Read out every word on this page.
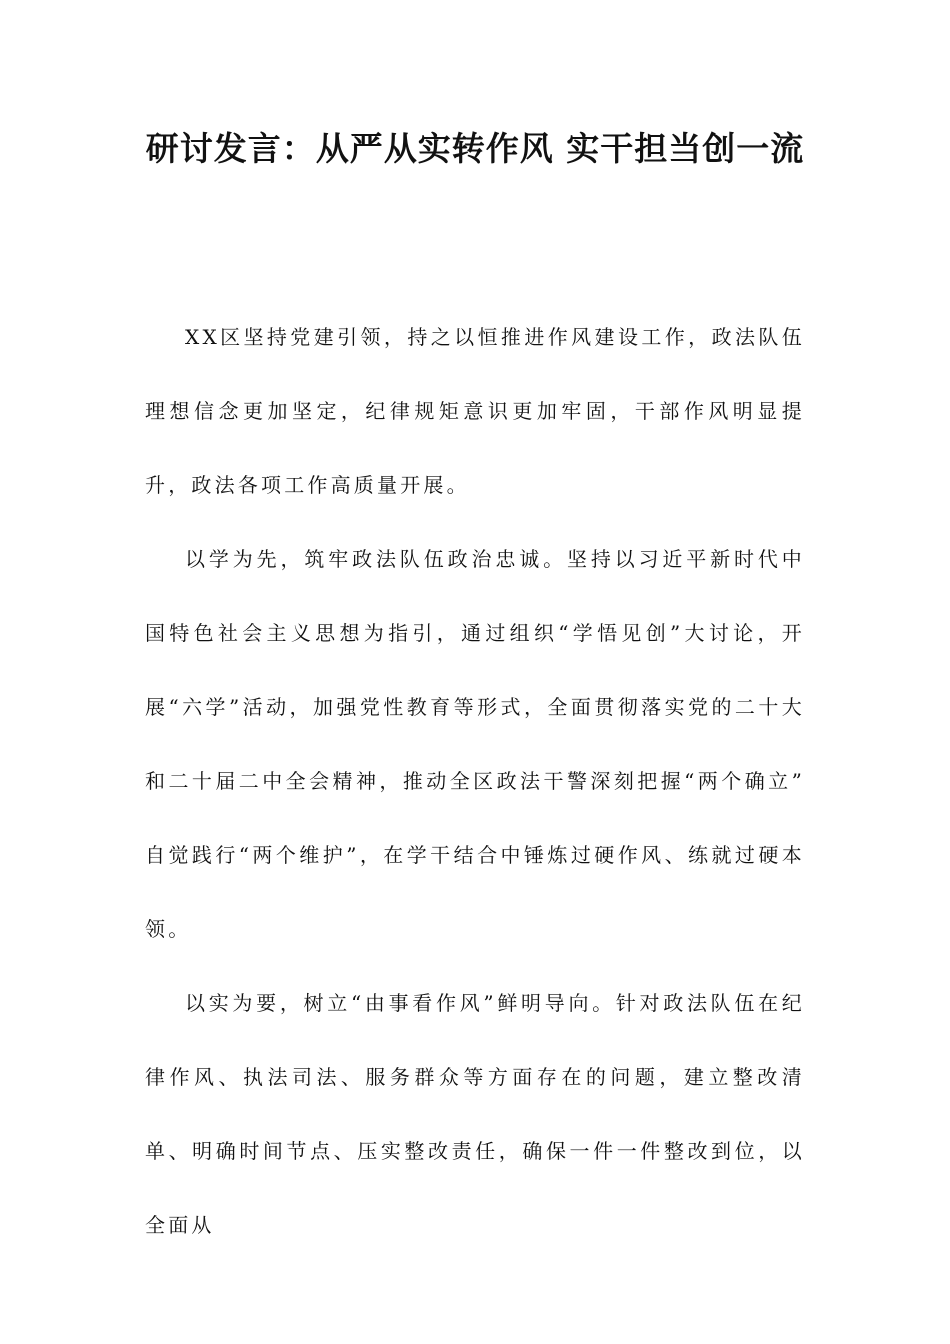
研讨发言：从严从实转作风 实干担当创一流

XX区坚持党建引领，持之以恒推进作风建设工作，政法队伍理想信念更加坚定，纪律规矩意识更加牢固，干部作风明显提升，政法各项工作高质量开展。

以学为先，筑牢政法队伍政治忠诚。坚持以习近平新时代中国特色社会主义思想为指引，通过组织“学悟见创”大讨论，开展“六学”活动，加强党性教育等形式，全面贯彻落实党的二十大和二十届二中全会精神，推动全区政法干警深刻把握“两个确立” 自觉践行“两个维护”，在学干结合中锤炼过硬作风、练就过硬本领。

以实为要，树立“由事看作风”鲜明导向。针对政法队伍在纪律作风、执法司法、服务群众等方面存在的问题，建立整改清单、明确时间节点、压实整改责任，确保一件一件整改到位，以全面从
